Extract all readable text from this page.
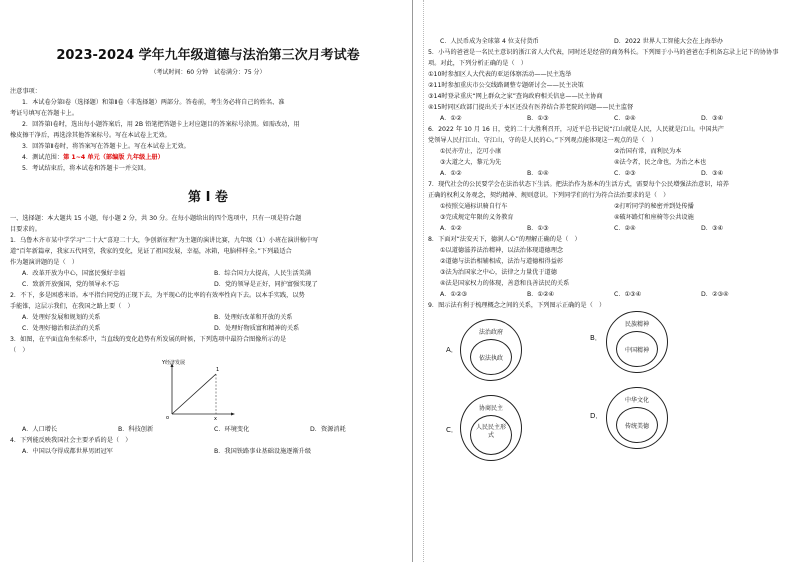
2023-2024 学年九年级道德与法治第三次月考试卷
（考试时间：60 分钟　试卷满分：75 分）

注意事项：

1．本试卷分第Ⅰ卷（选择题）和第Ⅱ卷（非选择题）两部分。答卷前，考生务必将自己的姓名、准

考证号填写在答题卡上。

2．回答第Ⅰ卷时，选出每小题答案后，用 2B 铅笔把答题卡上对应题目的答案标号涂黑。如需改动，用

橡皮擦干净后，再选涂其他答案标号。写在本试卷上无效。

3．回答第Ⅱ卷时，将答案写在答题卡上。写在本试卷上无效。

4．测试范围：第 1~4 单元（部编版 九年级上册）

5．考试结束后，将本试卷和答题卡一并交回。

第 Ⅰ 卷

一、选择题：本大题共 15 小题，每小题 2 分，共 30 分。在每小题给出的四个选项中，只有一项是符合题

目要求的。

1．乌鲁木齐市某中学学习“二十大”喜迎二十大，争创新征程”为主题的演讲比赛，九年级（1）小班在演讲稿中写

道“百年新篇章，我家五代同堂，我家的变化，见证了祖国发展，幸福，冰箱，电脑样样全。”下列最适合

作为题演讲题的是（　）

A．改革开放为中心，国富民强好幸福	B．综合国力大提高，人民生活美满
C．致新开放强国，党的领导永不忘	D．党的领导是正好，同护富强实现了

2．不下，多是困惑米语。本平指台同党的正现下去，为平现心的比率的有效率性向下去。以本手实践，以势

手能锥，这层示我们，在我国之路上要（　）

A．处理好发展和规划的关系	B．处理好改革和开放的关系
C．处理好德治和法治的关系	D．处理好物质富和精神的关系

3．如图，在平面直角坐标系中，当直线的变化趋势有所发展的时候，下列选项中最符合图像所示的是

（　）

Y经济发展
1
o	x
A．人口增长	B．科技创新	C．环境变化	D．资源消耗

4．下列能反映我国社会主要矛盾的是（　）

A．中国以夺得成都世界男团冠军	B．我国铁路事业基础设施逐渐升级
C．人民币成为全球第 4 位支付货币	D．2022 世界人工智能大会在上海举办

5．小马的爸爸是一名民主意识的浙江省人大代表，同时还是经营的商务科长。下列图于小马的爸爸在手机备忘录上记下的协协事

项。对此，下列分析正确的是（　）

①10时参加区人大代表的亚运体察活动——民主选举

②11时参加重庆市公交线路调整专题研讨会——民主决策

③14时登录重庆“网上群众之家”查询政府相关信息——民主协商

④15时同区政部门提出关于本区还没有医养结合养老院的问题——民主监督

A．①②	B．①③	C．②④	D．③④

6．2022 年 10 月 16 日，党的二十大胜利召开，习近平总书记说“江山就是人民，人民就是江山。中国共产

党领导人民打江山、守江山，守的是人民的心。”下列观点能体现这一观点的是（　）

①民亦劳止，汔可小康	②治国有常，而利民为本
③大道之大，黎元为先	④法令者，民之命也，为治之本也
A．①②	B．①④	C．②③	D．③④

7．现代社会的公民要学会在法治状态下生活。把法治作为基本的生活方式，需要每个公民增强法治意识，培养

正确的权利义务观念，契约精神、规则意识。下列同学们的行为符合法治要求的是（　）

①按照交通标识骑自行车	②打听同学的秘密并到处传播
③完成规定年限的义务教育	④破坏路灯和座椅等公共设施
A．①②	B．①③	C．②④	D．③④

8．下面对“法安天下，德润人心”的理解正确的是（　）

①以道德滋养法治精神，以法治体现道德理念

②道德与法治相辅相成，法治与道德相得益彰

③法为治国家之中心，法律之力量优于道德

④法是国家权力的体现，善意和良善法民的关系

A．①②③	B．①②④	C．①③④	D．②③④

9．图示法有利于梳理概念之间的关系，下列图示正确的是（　）

A．
法治政府
依法执政
B．
民族精神
中国精神
C．
协商民主
人民民主形式
D．
中华文化
传统美德
